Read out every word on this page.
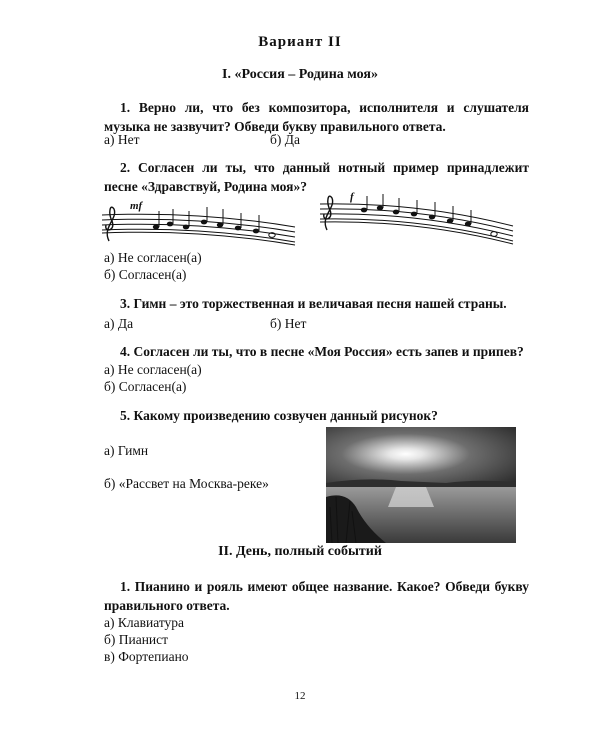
Вариант II
I. «Россия – Родина моя»
1. Верно ли, что без композитора, исполнителя и слушателя музыка не зазвучит? Обведи букву правильного ответа.
а) Нет	б) Да
2. Согласен ли ты, что данный нотный пример принадлежит песне «Здравствуй, Родина моя»?
mf
f
а) Не согласен(а)
б) Согласен(а)
3. Гимн – это торжественная и величавая песня нашей страны.
а) Да	б) Нет
4. Согласен ли ты, что в песне «Моя Россия» есть запев и припев?
а) Не согласен(а)
б) Согласен(а)
5. Какому произведению созвучен данный рисунок?
а) Гимн
б) «Рассвет на Москва-реке»
II. День, полный событий
1. Пианино и рояль имеют общее название. Какое? Обведи букву правильного ответа.
а) Клавиатура
б) Пианист
в) Фортепиано
12
